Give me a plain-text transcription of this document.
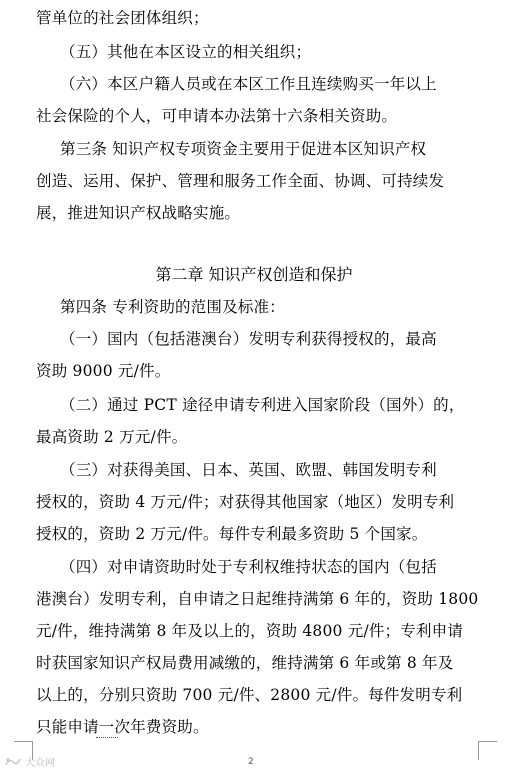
管单位的社会团体组织；
（五）其他在本区设立的相关组织；
（六）本区户籍人员或在本区工作且连续购买一年以上
社会保险的个人，可申请本办法第十六条相关资助。
第三条 知识产权专项资金主要用于促进本区知识产权
创造、运用、保护、管理和服务工作全面、协调、可持续发
展，推进知识产权战略实施。
第二章 知识产权创造和保护
第四条 专利资助的范围及标准：
（一）国内（包括港澳台）发明专利获得授权的，最高
资助 9000 元/件。
（二）通过 PCT 途径申请专利进入国家阶段（国外）的，
最高资助 2 万元/件。
（三）对获得美国、日本、英国、欧盟、韩国发明专利
授权的，资助 4 万元/件；对获得其他国家（地区）发明专利
授权的，资助 2 万元/件。每件专利最多资助 5 个国家。
（四）对申请资助时处于专利权维持状态的国内（包括
港澳台）发明专利，自申请之日起维持满第 6 年的，资助 1800
元/件，维持满第 8 年及以上的，资助 4800 元/件；专利申请
时获国家知识产权局费用减缴的，维持满第 6 年或第 8 年及
以上的，分别只资助 700 元/件、2800 元/件。每件发明专利
只能申请一次年费资助。
2
大众网
